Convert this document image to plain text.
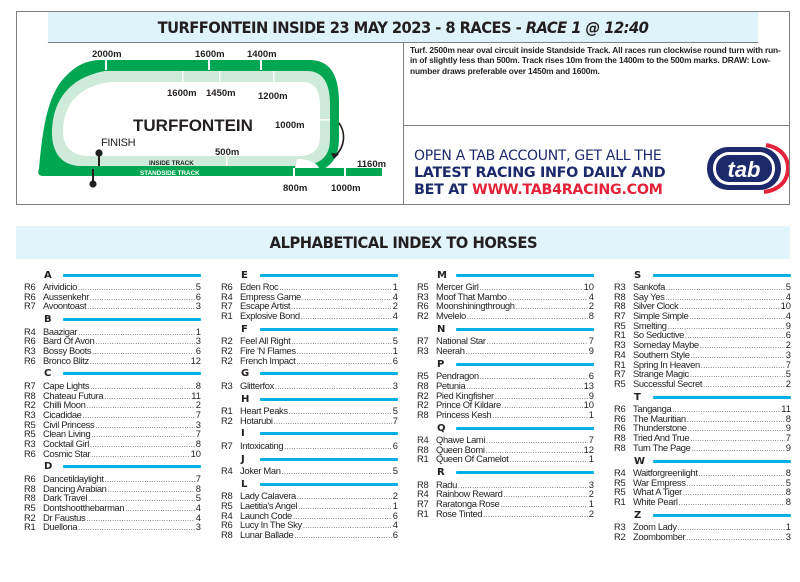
TURFFONTEIN INSIDE 23 MAY 2023 - 8 RACES - RACE 1 @ 12:40
2000m	1600m 1400m
1160m
800m 1000m
1600m 1450m 1200m
1000m
500m
TURFFONTEIN
FINISH
INSIDE TRACK
STANDSIDE TRACK
Turf. 2500m near oval circuit inside Standside Track. All races run clockwise round turn with run-in of slightly less than 500m. Track rises 10m from the 1400m to the 500m marks. DRAW: Low-number draws preferable over 1450m and 1600m.
OPEN A TAB ACCOUNT, GET ALL THE
LATEST RACING INFO DAILY AND
BET AT WWW.TAB4RACING.COM
tab
ALPHABETICAL INDEX TO HORSES
A
R6 Arividicio .....	5
R6 Aussenkehr .....	6
R7 Avoontoast .....	3
B
R4 Baazigar .....	1
R6 Bard Of Avon .....	3
R3 Bossy Boots .....	6
R6 Bronco Blitz .....	12
C
R7 Cape Lights .....	8
R8 Chateau Futura .....	11
R2 Chilli Moon .....	2
R3 Cicadidae .....	7
R5 Civil Princess .....	3
R5 Clean Living .....	7
R3 Cocktail Girl .....	8
R6 Cosmic Star .....	10
D
R6 Dancetildaylight .....	7
R8 Dancing Arabian .....	8
R8 Dark Travel .....	5
R5 Dontshootthebarman .....	4
R2 Dr Faustus .....	4
R1 Duellona .....	3
E
R6 Eden Roc .....	1
R4 Empress Game .....	4
R7 Escape Artist .....	2
R1 Explosive Bond .....	4
F
R2 Feel All Right .....	5
R2 Fire 'N Flames .....	1
R2 French Impact .....	6
G
R3 Glitterfox .....	3
H
R1 Heart Peaks .....	5
R2 Hotarubi .....	7
I
R7 Intoxicating .....	6
J
R4 Joker Man .....	5
L
R8 Lady Calavera .....	2
R5 Laetitia's Angel .....	1
R4 Launch Code .....	6
R6 Lucy In The Sky .....	4
R8 Lunar Ballade .....	6
M
R5 Mercer Girl .....	10
R3 Moof That Mambo .....	4
R6 Moonshiningthrough .....	2
R2 Mvelelo .....	8
N
R7 National Star .....	7
R3 Neerah .....	9
P
R5 Pendragon .....	6
R8 Petunia .....	13
R2 Pied Kingfisher .....	9
R2 Prince Of Kildare .....	10
R8 Princess Kesh .....	1
Q
R4 Qhawe Lami .....	7
R8 Queen Bomi .....	12
R1 Queen Of Camelot .....	1
R
R8 Radu .....	3
R4 Rainbow Reward .....	2
R7 Raratonga Rose .....	1
R1 Rose Tinted .....	2
S
R3 Sankofa .....	5
R8 Say Yes .....	4
R8 Silver Clock .....	10
R7 Simple Simple .....	4
R5 Smelting .....	9
R1 So Seductive .....	6
R3 Someday Maybe .....	2
R4 Southern Style .....	3
R1 Spring In Heaven .....	7
R7 Strange Magic .....	5
R5 Successful Secret .....	2
T
R6 Tanganga .....	11
R6 The Mauritian .....	8
R6 Thunderstone .....	9
R8 Tried And True .....	7
R8 Turn The Page .....	9
W
R4 Waitforgreenlight .....	8
R5 War Empress .....	5
R5 What A Tiger .....	8
R1 White Pearl .....	8
Z
R3 Zoom Lady .....	1
R2 Zoombomber .....	3
